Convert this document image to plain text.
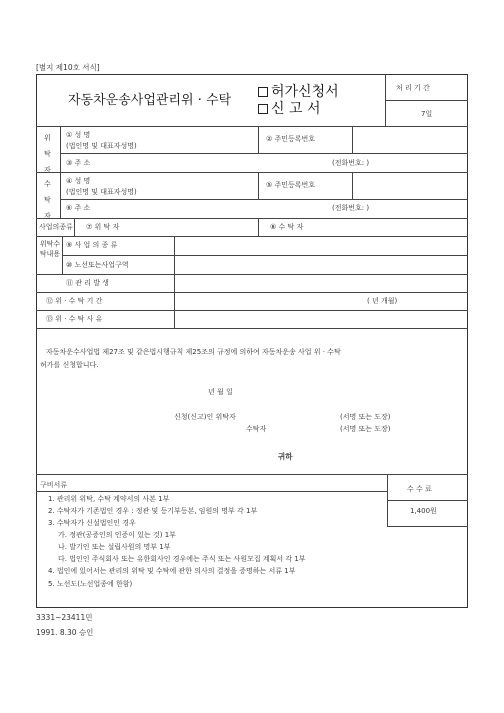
[별지 제10호 서식]
자동차운송사업관리위 · 수탁
허가신청서
신 고 서
처 리 기 간
7일
위탁자
① 성 명
(법인명 및 대표자성명)
② 주민등록번호
③ 주 소	(전화번호: )
수탁자
④ 성 명
(법인명 및 대표자성명)
⑤ 주민등록번호
⑥ 주 소	(전화번호: )
사업의종류 ⑦ 위 탁 자	⑧ 수 탁 자
위탁수탁내용
⑨ 사 업 의 종 류
⑩ 노선또는사업구역
⑪ 관 리 발 생
⑫ 위 · 수 탁 기 간	( 년 개월)
⑬ 위 · 수 탁 사 유
자동차운수사업법 제27조 및 같은법시행규칙 제25조의 규정에 의하여 자동차운송 사업 위 · 수탁
허가를 신청합니다.
년 월 일
신청(신고)인 위탁자	(서명 또는 도장)
수탁자	(서명 또는 도장)
귀하
구비서류	수 수 료
1,400원
1. 관리위 위탁, 수탁 계약서의 사본 1부
2. 수탁자가 기존법인 경우 : 정관 및 등기부등본, 임원의 명부 각 1부
3. 수탁자가 신설법인인 경우
가. 정관(공증인의 인증이 있는 것) 1부
나. 발기인 또는 설립사원의 명부 1부
다. 법인인 주식회사 또는 유한회사인 경우에는 주식 또는 사원모집 계획서 각 1부
4. 법인에 있어서는 관리의 위탁 및 수탁에 관한 의사의 결정을 증명하는 서류 1부
5. 노선도(노선업종에 한함)
3331~23411민
1991. 8.30 승인
